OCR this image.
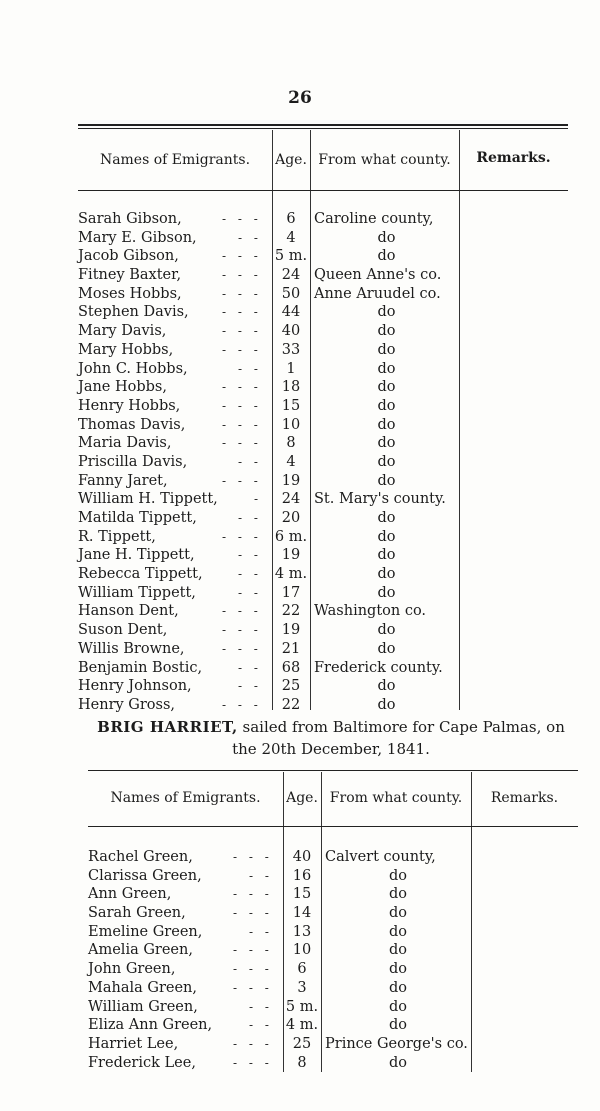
26
Names of Emigrants.	Age. From what county.	Remarks.
Sarah Gibson,	- - -	6	Caroline county,
Mary E. Gibson,	- -	4	do
Jacob Gibson,	- - - 5 m.	do
Fitney Baxter,	- - -	24 Queen Anne's co.
Moses Hobbs,	- - -	50 Anne Aruudel co.
Stephen Davis,	- - -	44	do
Mary Davis,	- - -	40	do
Mary Hobbs,	- - -	33	do
John C. Hobbs,	- -	1	do
Jane Hobbs,	- - -	18	do
Henry Hobbs,	- - -	15	do
Thomas Davis,	- - -	10	do
Maria Davis,	- - -	8	do
Priscilla Davis,	- -	4	do
Fanny Jaret,	- - -	19	do
William H. Tippett,	-	24 St. Mary's county.
Matilda Tippett,	- -	20	do
R. Tippett,	- - - 6 m.	do
Jane H. Tippett,	- -	19	do
Rebecca Tippett,	- - 4 m.	do
William Tippett,	- -	17	do
Hanson Dent,	- - -	22 Washington co.
Suson Dent,	- - -	19	do
Willis Browne,	- - -	21	do
Benjamin Bostic,	- -	68 Frederick county.
Henry Johnson,	- -	25	do
Henry Gross,	- - -	22	do
BRIG HARRIET, sailed from Baltimore for Cape Palmas, on
the 20th December, 1841.
Names of Emigrants.	Age. From what county.	Remarks.
Rachel Green,	- - -	40 Calvert county,
Clarissa Green,	- -	16	do
Ann Green,	- - -	15	do
Sarah Green,	- - -	14	do
Emeline Green,	- -	13	do
Amelia Green,	- - -	10	do
John Green,	- - -	6	do
Mahala Green,	- - -	3	do
William Green,	- - 5 m.	do
Eliza Ann Green,	- - 4 m.	do
Harriet Lee,	- - -	25 Prince George's co.
Frederick Lee,	- - -	8	do
